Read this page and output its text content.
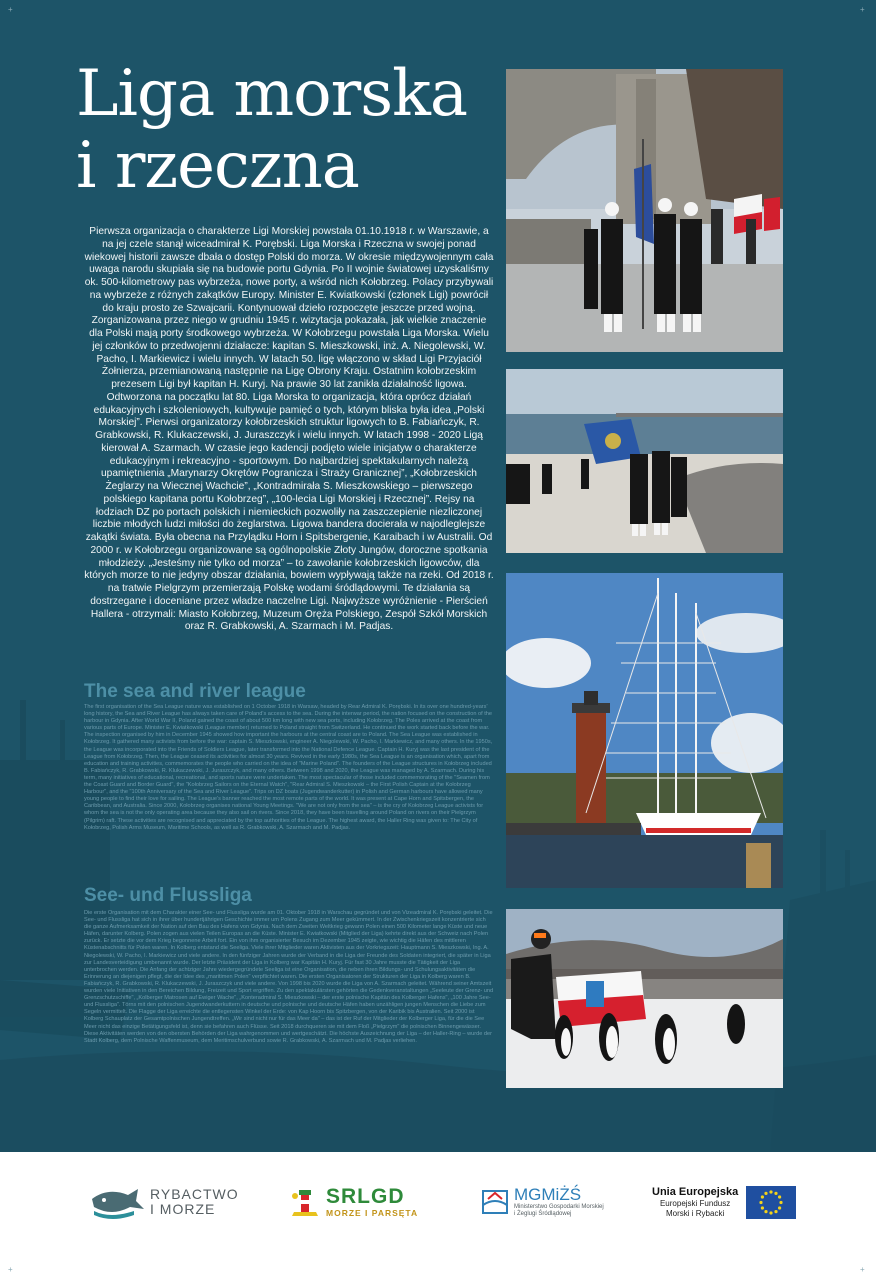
Liga morska
i rzeczna

Pierwsza organizacja o charakterze Ligi Morskiej powstała 01.10.1918 r. w Warszawie, a na jej czele stanął wiceadmirał K. Porębski. Liga Morska i Rzeczna w swojej ponad wiekowej historii zawsze dbała o dostęp Polski do morza. W okresie międzywojennym cała uwaga narodu skupiała się na budowie portu Gdynia. Po II wojnie światowej uzyskaliśmy ok. 500-kilometrowy pas wybrzeża, nowe porty, a wśród nich Kołobrzeg. Polacy przybywali na wybrzeże z różnych zakątków Europy. Minister E. Kwiatkowski (członek Ligi) powrócił do kraju prosto ze Szwajcarii. Kontynuował dzieło rozpoczęte jeszcze przed wojną. Zorganizowana przez niego w grudniu 1945 r. wizytacja pokazała, jak wielkie znaczenie dla Polski mają porty środkowego wybrzeża. W Kołobrzegu powstała Liga Morska. Wielu jej członków to przedwojenni działacze: kapitan S. Mieszkowski, inż. A. Niegolewski, W. Pacho, I. Markiewicz i wielu innych. W latach 50. ligę włączono w skład Ligi Przyjaciół Żołnierza, przemianowaną następnie na Ligę Obrony Kraju. Ostatnim kołobrzeskim prezesem Ligi był kapitan H. Kuryj. Na prawie 30 lat zanikła działalność ligowa. Odtworzona na początku lat 80. Liga Morska to organizacja, która oprócz działań edukacyjnych i szkoleniowych, kultywuje pamięć o tych, którym bliska była idea „Polski Morskiej”. Pierwsi organizatorzy kołobrzeskich struktur ligowych to B. Fabiańczyk, R. Grabkowski, R. Klukaczewski, J. Juraszczyk i wielu innych. W latach 1998 - 2020 Ligą kierował A. Szarmach. W czasie jego kadencji podjęto wiele inicjatyw o charakterze edukacyjnym i rekreacyjno - sportowym. Do najbardziej spektakularnych należą upamiętnienia „Marynarzy Okrętów Pogranicza i Straży Granicznej”, „Kołobrzeskich Żeglarzy na Wiecznej Wachcie”, „Kontradmirała S. Mieszkowskiego – pierwszego polskiego kapitana portu Kołobrzeg”, „100-lecia Ligi Morskiej i Rzecznej”. Rejsy na łodziach DZ po portach polskich i niemieckich pozwoliły na zaszczepienie niezliczonej liczbie młodych ludzi miłości do żeglarstwa. Ligowa bandera docierała w najodleglejsze zakątki świata. Była obecna na Przylądku Horn i Spitsbergenie, Karaibach i w Australii. Od 2000 r. w Kołobrzegu organizowane są ogólnopolskie Złoty Jungów, doroczne spotkania młodzieży. „Jesteśmy nie tylko od morza” – to zawołanie kołobrzeskich ligowców, dla których morze to nie jedyny obszar działania, bowiem wypływają także na rzeki. Od 2018 r. na tratwie Pielgrzym przemierzają Polskę wodami śródlądowymi. Te działania są dostrzegane i doceniane przez władze naczelne Ligi. Najwyższe wyróżnienie - Pierścień Hallera - otrzymali: Miasto Kołobrzeg, Muzeum Oręża Polskiego, Zespół Szkół Morskich oraz R. Grabkowski, A. Szarmach i M. Padjas.

The sea and river league

The first organisation of the Sea League nature was established on 1 October 1918 in Warsaw, headed by Rear Admiral K. Porębski. In its over one hundred-years' long history, the Sea and River League has always taken care of Poland's access to the sea. During the interwar period, the nation focused on the construction of the harbour in Gdynia. After World War II, Poland gained the coast of about 500 km long with new sea ports, including Kołobrzeg. The Poles arrived at the coast from various parts of Europe. Minister E. Kwiatkowski (League member) returned to Poland straight from Switzerland. He continued the work started back before the war. The inspection organised by him in December 1945 showed how important the harbours at the central coast are to Poland. The Sea League was established in Kołobrzeg. It gathered many activists from before the war: captain S. Mieszkowski, engineer A. Niegolewski, W. Pacho, I. Markiewicz, and many others. In the 1950s, the League was incorporated into the Friends of Soldiers League, later transformed into the National Defence League. Captain H. Kuryj was the last president of the League from Kołobrzeg. Then, the League ceased its activities for almost 30 years. Revived in the early 1980s, the Sea League is an organisation which, apart from education and training activities, commemorates the people who carried on the idea of "Marine Poland". The founders of the League structures in Kołobrzeg included B. Fabiańczyk, R. Grabkowski, R. Klukaczewski, J. Juraszczyk, and many others. Between 1998 and 2020, the League was managed by A. Szarmach. During his term, many initiatives of educational, recreational, and sports nature were undertaken. The most spectacular of those included commemorating of the "Seamen from the Coast Guard and Border Guard", the "Kołobrzeg Sailors on the Eternal Watch", "Rear Admiral S. Mieszkowski – the First Polish Captain at the Kołobrzeg Harbour", and the "100th Anniversary of the Sea and River League". Trips on DZ boats (Jugendwanderkutter) in Polish and German harbours have allowed many young people to find their love for sailing. The League's banner reached the most remote parts of the world. It was present at Cape Horn and Spitsbergen, the Caribbean, and Australia. Since 2000, Kołobrzeg organises national Young Meetings. "We are not only from the sea" – is the cry of Kołobrzeg League activists for whom the sea is not the only operating area because they also sail on rivers. Since 2018, they have been travelling around Poland on rivers on their Pielgrzym (Pilgrim) raft. These activities are recognised and appreciated by the top authorities of the League. The highest award, the Haller Ring was given to: The City of Kołobrzeg, Polish Arms Museum, Maritime Schools, as well as R. Grabkowski, A. Szarmach and M. Padjas.

See- und Flussliga

Die erste Organisation mit dem Charakter einer See- und Flussliga wurde am 01. Oktober 1918 in Warschau gegründet und von Vizeadmiral K. Porębski geleitet. Die See- und Flussliga hat sich in ihrer über hundertjährigen Geschichte immer um Polens Zugang zum Meer gekümmert. In der Zwischenkriegszeit konzentrierte sich die ganze Aufmerksamkeit der Nation auf den Bau des Hafens von Gdynia. Nach dem Zweiten Weltkrieg gewann Polen einen 500 Kilometer lange Küste und neue Häfen, darunter Kolberg. Polen zogen aus vielen Teilen Europas an die Küste. Minister E. Kwiatkowski (Mitglied der Liga) kehrte direkt aus der Schweiz nach Polen zurück. Er setzte die vor dem Krieg begonnene Arbeit fort. Ein von ihm organisierter Besuch im Dezember 1945 zeigte, wie wichtig die Häfen des mittleren Küstenabschnitts für Polen waren. In Kolberg entstand die Seeliga. Viele ihrer Mitglieder waren Aktivisten aus der Vorkriegszeit: Hauptmann S. Mieszkowski, Ing. A. Niegolewski, W. Pacho, I. Markiewicz und viele andere. In den fünfziger Jahren wurde der Verband in die Liga der Freunde des Soldaten integriert, die später in Liga zur Landesverteidigung umbenannt wurde. Der letzte Präsident der Liga in Kolberg war Kapitän H. Kuryj. Für fast 30 Jahre musste die Tätigkeit der Liga unterbrochen werden. Die Anfang der achtziger Jahre wiedergegründete Seeliga ist eine Organisation, die neben ihren Bildungs- und Schulungsaktivitäten die Erinnerung an diejenigen pflegt, die der Idee des „maritimen Polen" verpflichtet waren. Die ersten Organisatoren der Strukturen der Liga in Kolberg waren B. Fabiańczyk, R. Grabkowski, R. Klukaczewski, J. Juraszczyk und viele andere. Von 1998 bis 2020 wurde die Liga von A. Szarmach geleitet. Während seiner Amtszeit wurden viele Initiativen in den Bereichen Bildung, Freizeit und Sport ergriffen. Zu den spektakulärsten gehörten die Gedenkveranstaltungen „Seeleute der Grenz- und Grenzschutzschiffe", „Kolberger Matrosen auf Ewiger Wache", „Konteradmiral S. Mieszkowski – der erste polnische Kapitän des Kolberger Hafens", „100 Jahre See- und Flussliga". Törns mit den polnischen Jugendwanderkuttern in deutsche und polnische und deutsche Häfen haben unzähligen jungen Menschen die Liebe zum Segeln vermittelt. Die Flagge der Liga erreichte die entlegensten Winkel der Erde: von Kap Hoorn bis Spitzbergen, von der Karibik bis Australien. Seit 2000 ist Kolberg Schauplatz der Gesamtpolnischen Jungendtreffen. „Wir sind nicht nur für das Meer da" – das ist der Ruf der Mitglieder der Kolberger Liga, für die die See Meer nicht das einzige Betätigungsfeld ist, denn sie befahren auch Flüsse. Seit 2018 durchqueren sie mit dem Floß „Pielgrzym" die polnischen Binnengewässer. Diese Aktivitäten werden von den obersten Behörden der Liga wahrgenommen und wertgeschätzt. Die höchste Auszeichnung der Liga – der Haller-Ring – wurde der Stadt Kolberg, dem Polnische Waffenmuseum, dem Meritimschulverbund sowie R. Grabkowski, A. Szarmach und M. Padjas verliehen.

+	+
RYBACTWO
I MORZE
SRLGD
MORZE I PARSĘTA
MGMiŻŚ
Ministerstwo Gospodarki Morskiej
i Żeglugi Śródlądowej
Unia Europejska
Europejski Fundusz
Morski i Rybacki
+	+
